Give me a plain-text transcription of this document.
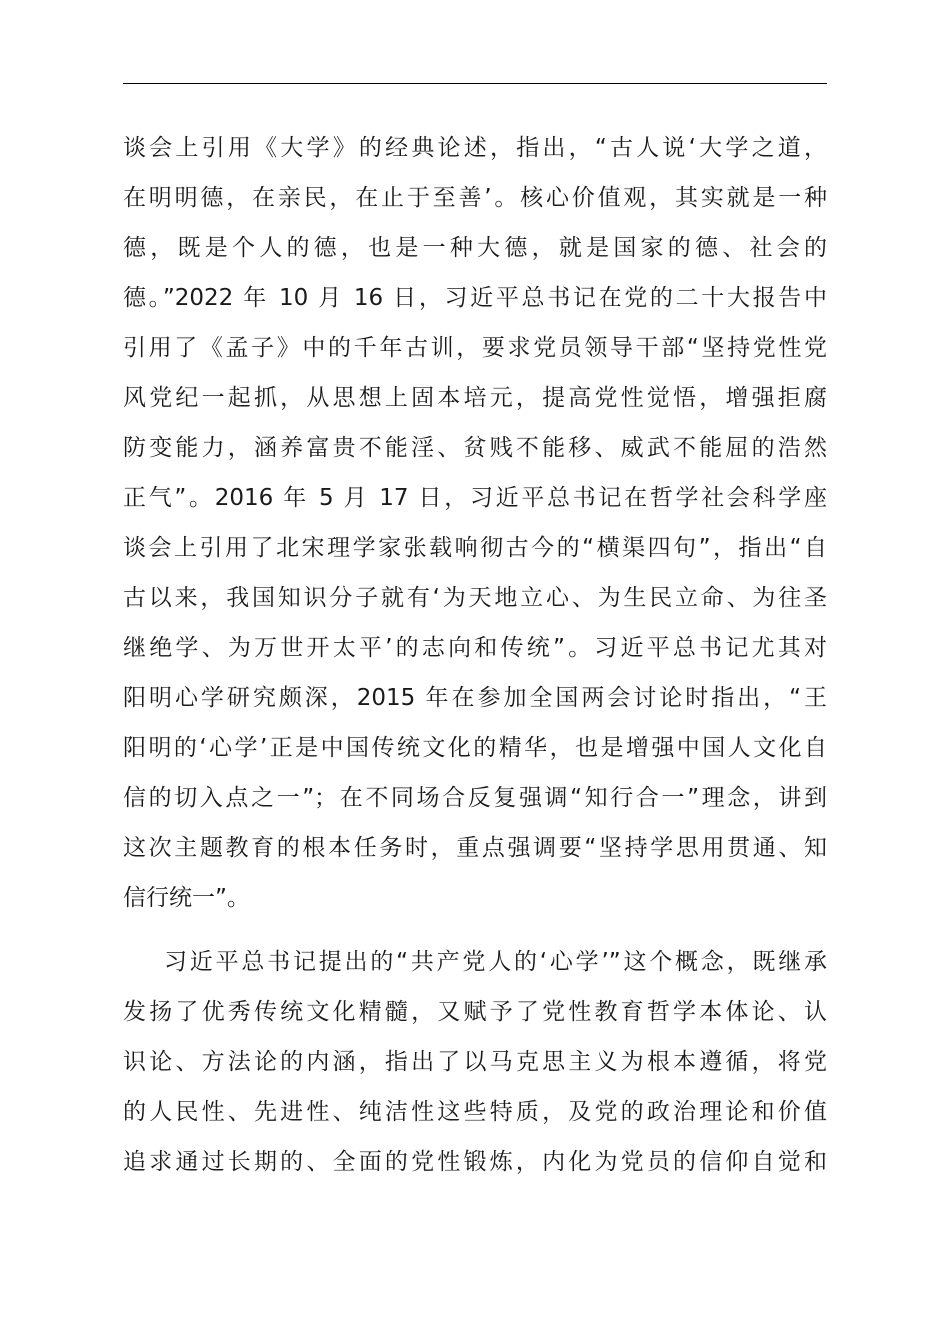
谈会上引用《大学》的经典论述，指出，“古人说‘大学之道，
在明明德，在亲民，在止于至善’。核心价值观，其实就是一种
德，既是个人的德，也是一种大德，就是国家的德、社会的
德。”2022 年 10 月 16 日，习近平总书记在党的二十大报告中
引用了《孟子》中的千年古训，要求党员领导干部“坚持党性党
风党纪一起抓，从思想上固本培元，提高党性觉悟，增强拒腐
防变能力，涵养富贵不能淫、贫贱不能移、威武不能屈的浩然
正气”。2016 年 5 月 17 日，习近平总书记在哲学社会科学座
谈会上引用了北宋理学家张载响彻古今的“横渠四句”，指出“自
古以来，我国知识分子就有‘为天地立心、为生民立命、为往圣
继绝学、为万世开太平’的志向和传统”。习近平总书记尤其对
阳明心学研究颇深，2015 年在参加全国两会讨论时指出，“王
阳明的‘心学’正是中国传统文化的精华，也是增强中国人文化自
信的切入点之一”；在不同场合反复强调“知行合一”理念，讲到
这次主题教育的根本任务时，重点强调要“坚持学思用贯通、知
信行统一”。
习近平总书记提出的“共产党人的‘心学’”这个概念，既继承
发扬了优秀传统文化精髓，又赋予了党性教育哲学本体论、认
识论、方法论的内涵，指出了以马克思主义为根本遵循，将党
的人民性、先进性、纯洁性这些特质，及党的政治理论和价值
追求通过长期的、全面的党性锻炼，内化为党员的信仰自觉和
